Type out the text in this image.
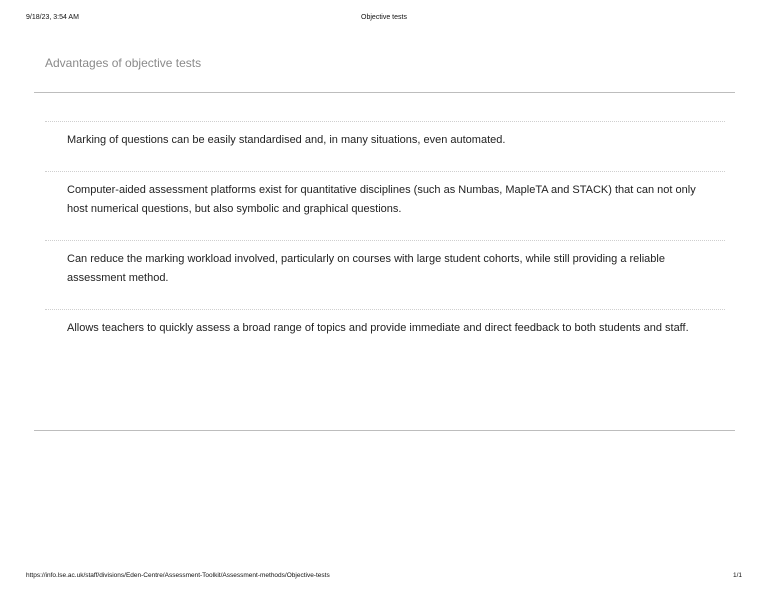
9/18/23, 3:54 AM	Objective tests
Advantages of objective tests
Marking of questions can be easily standardised and, in many situations, even automated.
Computer-aided assessment platforms exist for quantitative disciplines (such as Numbas, MapleTA and STACK) that can not only host numerical questions, but also symbolic and graphical questions.
Can reduce the marking workload involved, particularly on courses with large student cohorts, while still providing a reliable assessment method.
Allows teachers to quickly assess a broad range of topics and provide immediate and direct feedback to both students and staff.
https://info.lse.ac.uk/staff/divisions/Eden-Centre/Assessment-Toolkit/Assessment-methods/Objective-tests	1/1
